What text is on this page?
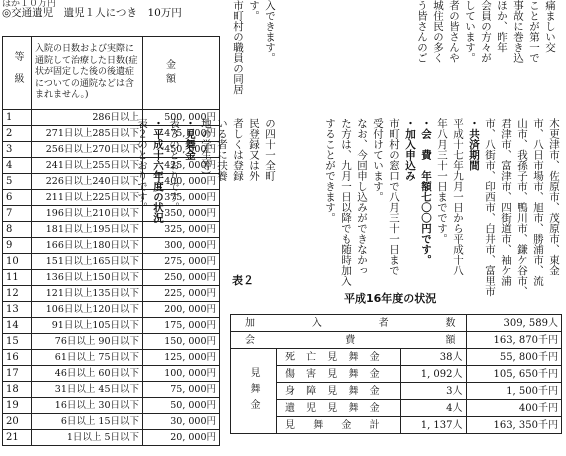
ほか１０万円
◎交通遺児　遺児１人につき　10万円
等級	入院の日数および実際に通院して治療した日数(症状が固定した後の後遺症についての通院などは含まれません。)	金　額
1	286日以上	500, 000円
2	271日以上285日以下	475, 000円
3	256日以上270日以下	450, 000円
4	241日以上255日以下	425, 000円
5	226日以上240日以下	400, 000円
6	211日以上225日以下	375, 000円
7	196日以上210日以下	350, 000円
8	181日以上195日以下	325, 000円
9	166日以上180日以下	300, 000円
10	151日以上165日以下	275, 000円
11	136日以上150日以下	250, 000円
12	121日以上135日以下	225, 000円
13	106日以上120日以下	200, 000円
14	91日以上105日以下	175, 000円
15	76日以上 90日以下	150, 000円
16	61日以上 75日以下	125, 000円
17	46日以上 60日以下	100, 000円
18	31日以上 45日以下	75, 000円
19	16日以上 30日以下	50, 000円
20	6日以上 15日以下	30, 000円
21	1日以上 5日以下	20, 000円
入できます。
す。
市町村の職員の同居	痛ましい交
ことが第一で
事故に巻き込
ほか、昨年
会員の方々が
しています。
者の皆さんや
城住民の多く
う皆さんのご
の四十一全町
民登録又は外
者しくは登録
いる者に扶養
地の学生等)
・見舞金
表３のとおりです。
・平成十六年度の状況
表２のとおりです。	木更津市、佐原市、茂原市、東金
市、八日市場市、旭市、勝浦市、流
山市、我孫子市、鴨川市、鎌ケ谷市、
君津市、富津市、四街道市、袖ケ浦
市、八街市、印西市、白井市、富里市
・共済期間
平成十七年九月一日から平成十八
年八月三十一日までです。
・会　費　年額七〇〇円です。
・加入申込み
市町村の窓口で八月三十一日まで
受付けています。
なお、今回申し込みができなかっ
た方は、九月一日以降でも随時加入
することができます。
表２
平成16年度の状況
加　入　者　数			309, 589人
会　　費　　額			163, 870千円
見舞金	死亡見舞金	38人	55, 800千円
	傷害見舞金	1, 092人	105, 650千円
	身障見舞金	3人	1, 500千円
	遺児見舞金	4人	400千円
	見舞金計	1, 137人	163, 350千円
